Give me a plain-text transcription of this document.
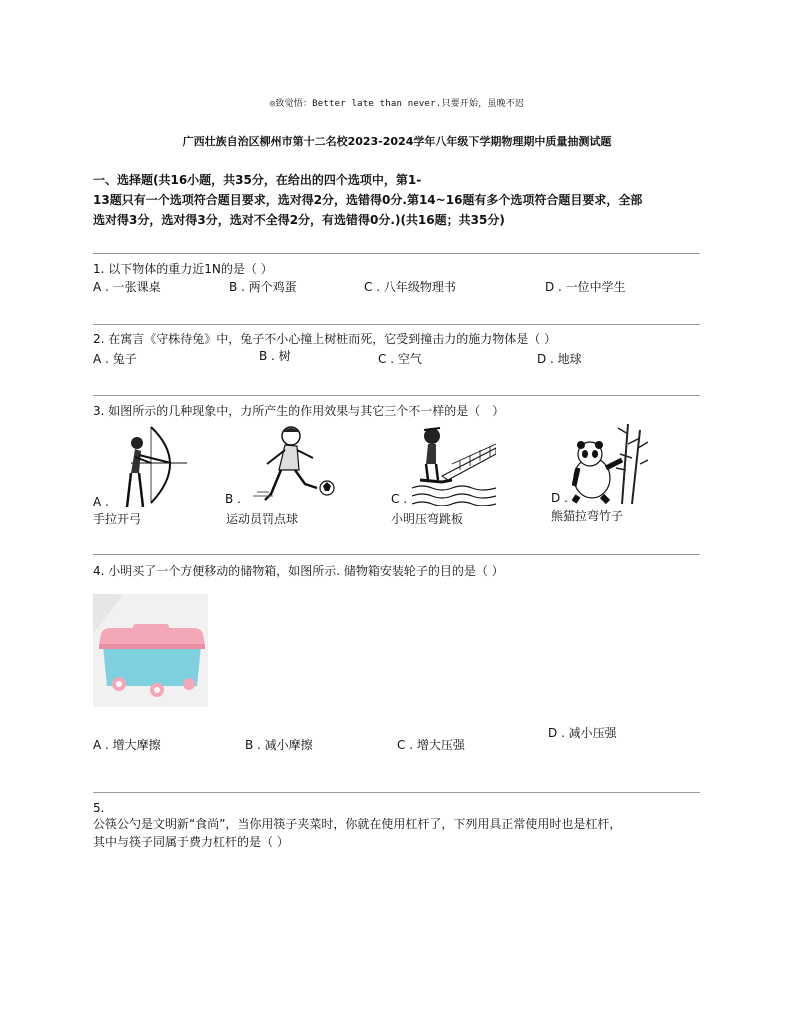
◎致觉悟：Better late than never.只要开始，虽晚不迟
广西壮族自治区柳州市第十二名校2023-2024学年八年级下学期物理期中质量抽测试题
一、选择题(共16小题，共35分，在给出的四个选项中，第1-
13题只有一个选项符合题目要求，选对得2分，选错得0分.第14~16题有多个选项符合题目要求，全部
选对得3分，选对得3分，选对不全得2分，有选错得0分.)(共16题；共35分)
1. 以下物体的重力近1N的是（ ）
A . 一张课桌	B . 两个鸡蛋	C . 八年级物理书	D . 一位中学生
2. 在寓言《守株待兔》中，兔子不小心撞上树桩而死，它受到撞击力的施力物体是（ ）
A . 兔子	B . 树	C . 空气	D . 地球
3. 如图所示的几种现象中，力所产生的作用效果与其它三个不一样的是（　）
A .
手拉开弓
B .
运动员罚点球
C .
小明压弯跳板
D .
熊猫拉弯竹子
4. 小明买了一个方便移动的储物箱，如图所示. 储物箱安装轮子的目的是（ ）
A . 增大摩擦	B . 减小摩擦	C . 增大压强
D . 减小压强
5.
公筷公勺是文明新“食尚”，当你用筷子夹菜时，你就在使用杠杆了，下列用具正常使用时也是杠杆，
其中与筷子同属于费力杠杆的是（ ）
